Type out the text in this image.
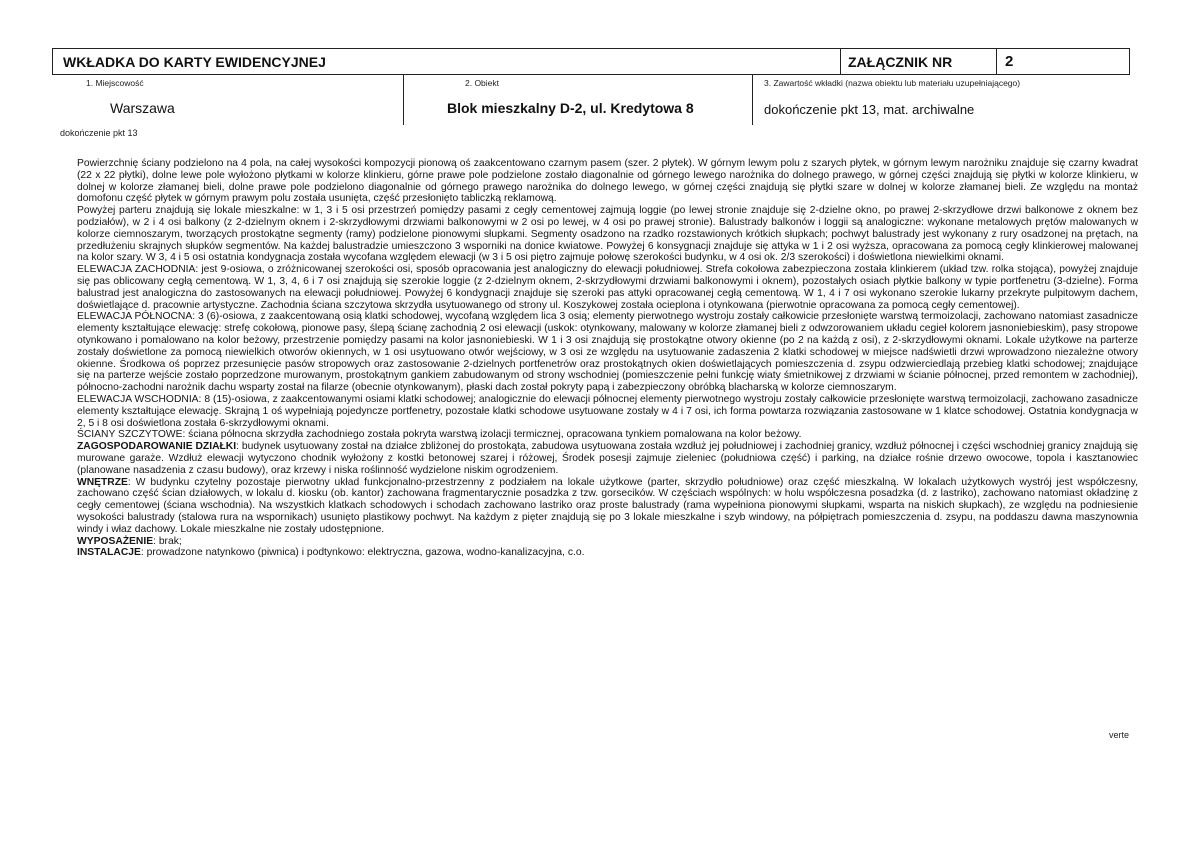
WKŁADKA DO KARTY EWIDENCYJNEJ	ZAŁĄCZNIK NR	2
1. Miejscowość
Warszawa
2. Obiekt
Blok mieszkalny D-2, ul. Kredytowa 8
3. Zawartość wkładki (nazwa obiektu lub materiału uzupełniającego)
dokończenie pkt 13, mat. archiwalne
dokończenie pkt 13

Powierzchnię ściany podzielono na 4 pola, na całej wysokości kompozycji pionową oś zaakcentowano czarnym pasem (szer. 2 płytek). W górnym lewym polu z szarych płytek, w górnym lewym narożniku znajduje się czarny kwadrat (22 x 22 płytki), dolne lewe pole wyłożono płytkami w kolorze klinkieru, górne prawe pole podzielone zostało diagonalnie od górnego lewego narożnika do dolnego prawego, w górnej części znajdują się płytki w kolorze klinkieru, w dolnej w kolorze złamanej bieli, dolne prawe pole podzielono diagonalnie od górnego prawego narożnika do dolnego lewego, w górnej części znajdują się płytki szare w dolnej w kolorze złamanej bieli. Ze względu na montaż domofonu część płytek w górnym prawym polu została usunięta, część przesłonięto tabliczką reklamową.

Powyżej parteru znajdują się lokale mieszkalne: w 1, 3 i 5 osi przestrzeń pomiędzy pasami z cegły cementowej zajmują loggie (po lewej stronie znajduje się 2-dzielne okno, po prawej 2-skrzydłowe drzwi balkonowe z oknem bez podziałów), w 2 i 4 osi balkony (z 2-dzielnym oknem i 2-skrzydłowymi drzwiami balkonowymi w 2 osi po lewej, w 4 osi po prawej stronie). Balustrady balkonów i loggii są analogiczne: wykonane metalowych prętów malowanych w kolorze ciemnoszarym, tworzących prostokątne segmenty (ramy) podzielone pionowymi słupkami. Segmenty osadzono na rzadko rozstawionych krótkich słupkach; pochwyt balustrady jest wykonany z rury osadzonej na prętach, na przedłużeniu skrajnych słupków segmentów. Na każdej balustradzie umieszczono 3 wsporniki na donice kwiatowe. Powyżej 6 konsygnacji znajduje się attyka w 1 i 2 osi wyższa, opracowana za pomocą cegły klinkierowej malowanej na kolor szary. W 3, 4 i 5 osi ostatnia kondygnacja została wycofana względem elewacji (w 3 i 5 osi piętro zajmuje połowę szerokości budynku, w 4 osi ok. 2/3 szerokości) i doświetlona niewielkimi oknami.

ELEWACJA ZACHODNIA: jest 9-osiowa, o zróżnicowanej szerokości osi, sposób opracowania jest analogiczny do elewacji południowej. Strefa cokołowa zabezpieczona została klinkierem (układ tzw. rolka stojąca), powyżej znajduje się pas oblicowany cegłą cementową. W 1, 3, 4, 6 i 7 osi znajdują się szerokie loggie (z 2-dzielnym oknem, 2-skrzydłowymi drzwiami balkonowymi i oknem), pozostałych osiach płytkie balkony w typie portfenetru (3-dzielne). Forma balustrad jest analogiczna do zastosowanych na elewacji południowej. Powyżej 6 kondygnacji znajduje się szeroki pas attyki opracowanej cegłą cementową. W 1, 4 i 7 osi wykonano szerokie lukarny przekryte pulpitowym dachem, doświetlające d. pracownie artystyczne. Zachodnia ściana szczytowa skrzydła usytuowanego od strony ul. Koszykowej została ocieplona i otynkowana (pierwotnie opracowana za pomocą cegły cementowej).

ELEWACJA PÓŁNOCNA: 3 (6)-osiowa, z zaakcentowaną osią klatki schodowej, wycofaną względem lica 3 osią; elementy pierwotnego wystroju zostały całkowicie przesłonięte warstwą termoizolacji, zachowano natomiast zasadnicze elementy kształtujące elewację: strefę cokołową, pionowe pasy, ślepą ścianę zachodnią 2 osi elewacji (uskok: otynkowany, malowany w kolorze złamanej bieli z odwzorowaniem układu cegieł kolorem jasnoniebieskim), pasy stropowe otynkowano i pomalowano na kolor beżowy, przestrzenie pomiędzy pasami na kolor jasnoniebieski. W 1 i 3 osi znajdują się prostokątne otwory okienne (po 2 na każdą z osi), z 2-skrzydłowymi oknami. Lokale użytkowe na parterze zostały doświetlone za pomocą niewielkich otworów okiennych, w 1 osi usytuowano otwór wejściowy, w 3 osi ze względu na usytuowanie zadaszenia 2 klatki schodowej w miejsce nadświetli drzwi wprowadzono niezależne otwory okienne. Środkowa oś poprzez przesunięcie pasów stropowych oraz zastosowanie 2-dzielnych portfenetrów oraz prostokątnych okien doświetlających pomieszczenia d. zsypu odzwierciedlają przebieg klatki schodowej; znajdujące się na parterze wejście zostało poprzedzone murowanym, prostokątnym gankiem zabudowanym od strony wschodniej (pomieszczenie pełni funkcję wiaty śmietnikowej z drzwiami w ścianie północnej, przed remontem w zachodniej), północno-zachodni narożnik dachu wsparty został na filarze (obecnie otynkowanym), płaski dach został pokryty papą i zabezpieczony obróbką blacharską w kolorze ciemnoszarym.

ELEWACJA WSCHODNIA: 8 (15)-osiowa, z zaakcentowanymi osiami klatki schodowej; analogicznie do elewacji północnej elementy pierwotnego wystroju zostały całkowicie przesłonięte warstwą termoizolacji, zachowano zasadnicze elementy kształtujące elewację. Skrajną 1 oś wypełniają pojedyncze portfenetry, pozostałe klatki schodowe usytuowane zostały w 4 i 7 osi, ich forma powtarza rozwiązania zastosowane w 1 klatce schodowej. Ostatnia kondygnacja w 2, 5 i 8 osi doświetlona została 6-skrzydłowymi oknami.

ŚCIANY SZCZYTOWE: ściana północna skrzydła zachodniego została pokryta warstwą izolacji termicznej, opracowana tynkiem pomalowana na kolor beżowy.

ZAGOSPODAROWANIE DZIAŁKI: budynek usytuowany został na działce zbliżonej do prostokąta, zabudowa usytuowana została wzdłuż jej południowej i zachodniej granicy, wzdłuż północnej i części wschodniej granicy znajdują się murowane garaże. Wzdłuż elewacji wytyczono chodnik wyłożony z kostki betonowej szarej i różowej, Środek posesji zajmuje zieleniec (południowa część) i parking, na działce rośnie drzewo owocowe, topola i kasztanowiec (planowane nasadzenia z czasu budowy), oraz krzewy i niska roślinność wydzielone niskim ogrodzeniem.

WNĘTRZE: W budynku czytelny pozostaje pierwotny układ funkcjonalno-przestrzenny z podziałem na lokale użytkowe (parter, skrzydło południowe) oraz część mieszkalną. W lokalach użytkowych wystrój jest współczesny, zachowano część ścian działowych, w lokalu d. kiosku (ob. kantor) zachowana fragmentarycznie posadzka z tzw. gorsecików. W częściach wspólnych: w holu współczesna posadzka (d. z lastriko), zachowano natomiast okładzinę z cegły cementowej (ściana wschodnia). Na wszystkich klatkach schodowych i schodach zachowano lastriko oraz proste balustrady (rama wypełniona pionowymi słupkami, wsparta na niskich słupkach), ze względu na podniesienie wysokości balustrady (stalowa rura na wspornikach) usunięto plastikowy pochwyt. Na każdym z pięter znajdują się po 3 lokale mieszkalne i szyb windowy, na półpiętrach pomieszczenia d. zsypu, na poddaszu dawna maszynownia windy i właz dachowy. Lokale mieszkalne nie zostały udostępnione.

WYPOSAŻENIE: brak;

INSTALACJE: prowadzone natynkowo (piwnica) i podtynkowo: elektryczna, gazowa, wodno-kanalizacyjna, c.o.

verte
